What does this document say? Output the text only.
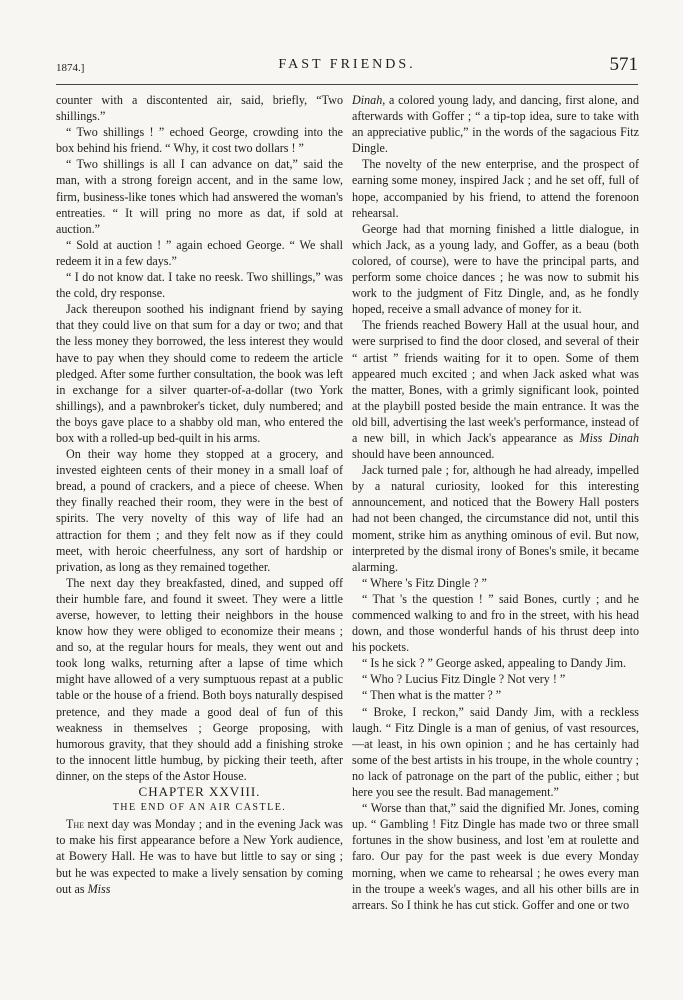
1874.]	FAST FRIENDS.	571

counter with a discontented air, said, briefly, “Two shillings.”

“ Two shillings ! ” echoed George, crowding into the box behind his friend. “ Why, it cost two dollars ! ”

“ Two shillings is all I can advance on dat,” said the man, with a strong foreign accent, and in the same low, firm, business-like tones which had answered the woman's entreaties. “ It will pring no more as dat, if sold at auction.”

“ Sold at auction ! ” again echoed George. “ We shall redeem it in a few days.”

“ I do not know dat. I take no reesk. Two shillings,” was the cold, dry response.

Jack thereupon soothed his indignant friend by saying that they could live on that sum for a day or two; and that the less money they borrowed, the less interest they would have to pay when they should come to redeem the article pledged. After some further consultation, the book was left in exchange for a silver quarter-of-a-dollar (two York shillings), and a pawnbroker's ticket, duly numbered; and the boys gave place to a shabby old man, who entered the box with a rolled-up bed-quilt in his arms.

On their way home they stopped at a grocery, and invested eighteen cents of their money in a small loaf of bread, a pound of crackers, and a piece of cheese. When they finally reached their room, they were in the best of spirits. The very novelty of this way of life had an attraction for them ; and they felt now as if they could meet, with heroic cheerfulness, any sort of hardship or privation, as long as they remained together.

The next day they breakfasted, dined, and supped off their humble fare, and found it sweet. They were a little averse, however, to letting their neighbors in the house know how they were obliged to economize their means ; and so, at the regular hours for meals, they went out and took long walks, returning after a lapse of time which might have allowed of a very sumptuous repast at a public table or the house of a friend. Both boys naturally despised pretence, and they made a good deal of fun of this weakness in themselves ; George proposing, with humorous gravity, that they should add a finishing stroke to the innocent little humbug, by picking their teeth, after dinner, on the steps of the Astor House.

CHAPTER XXVIII.

THE END OF AN AIR CASTLE.

The next day was Monday ; and in the evening Jack was to make his first appearance before a New York audience, at Bowery Hall. He was to have but little to say or sing ; but he was expected to make a lively sensation by coming out as Miss

Dinah, a colored young lady, and dancing, first alone, and afterwards with Goffer ; “ a tip-top idea, sure to take with an appreciative public,” in the words of the sagacious Fitz Dingle.

The novelty of the new enterprise, and the prospect of earning some money, inspired Jack ; and he set off, full of hope, accompanied by his friend, to attend the forenoon rehearsal.

George had that morning finished a little dialogue, in which Jack, as a young lady, and Goffer, as a beau (both colored, of course), were to have the principal parts, and perform some choice dances ; he was now to submit his work to the judgment of Fitz Dingle, and, as he fondly hoped, receive a small advance of money for it.

The friends reached Bowery Hall at the usual hour, and were surprised to find the door closed, and several of their “ artist ” friends waiting for it to open. Some of them appeared much excited ; and when Jack asked what was the matter, Bones, with a grimly significant look, pointed at the playbill posted beside the main entrance. It was the old bill, advertising the last week's performance, instead of a new bill, in which Jack's appearance as Miss Dinah should have been announced.

Jack turned pale ; for, although he had already, impelled by a natural curiosity, looked for this interesting announcement, and noticed that the Bowery Hall posters had not been changed, the circumstance did not, until this moment, strike him as anything ominous of evil. But now, interpreted by the dismal irony of Bones's smile, it became alarming.

“ Where 's Fitz Dingle ? ”

“ That 's the question ! ” said Bones, curtly ; and he commenced walking to and fro in the street, with his head down, and those wonderful hands of his thrust deep into his pockets.

“ Is he sick ? ” George asked, appealing to Dandy Jim.

“ Who ? Lucius Fitz Dingle ? Not very ! ”

“ Then what is the matter ? ”

“ Broke, I reckon,” said Dandy Jim, with a reckless laugh. “ Fitz Dingle is a man of genius, of vast resources,—at least, in his own opinion ; and he has certainly had some of the best artists in his troupe, in the whole country ; no lack of patronage on the part of the public, either ; but here you see the result. Bad management.”

“ Worse than that,” said the dignified Mr. Jones, coming up. “ Gambling ! Fitz Dingle has made two or three small fortunes in the show business, and lost 'em at roulette and faro. Our pay for the past week is due every Monday morning, when we came to rehearsal ; he owes every man in the troupe a week's wages, and all his other bills are in arrears. So I think he has cut stick. Goffer and one or two
